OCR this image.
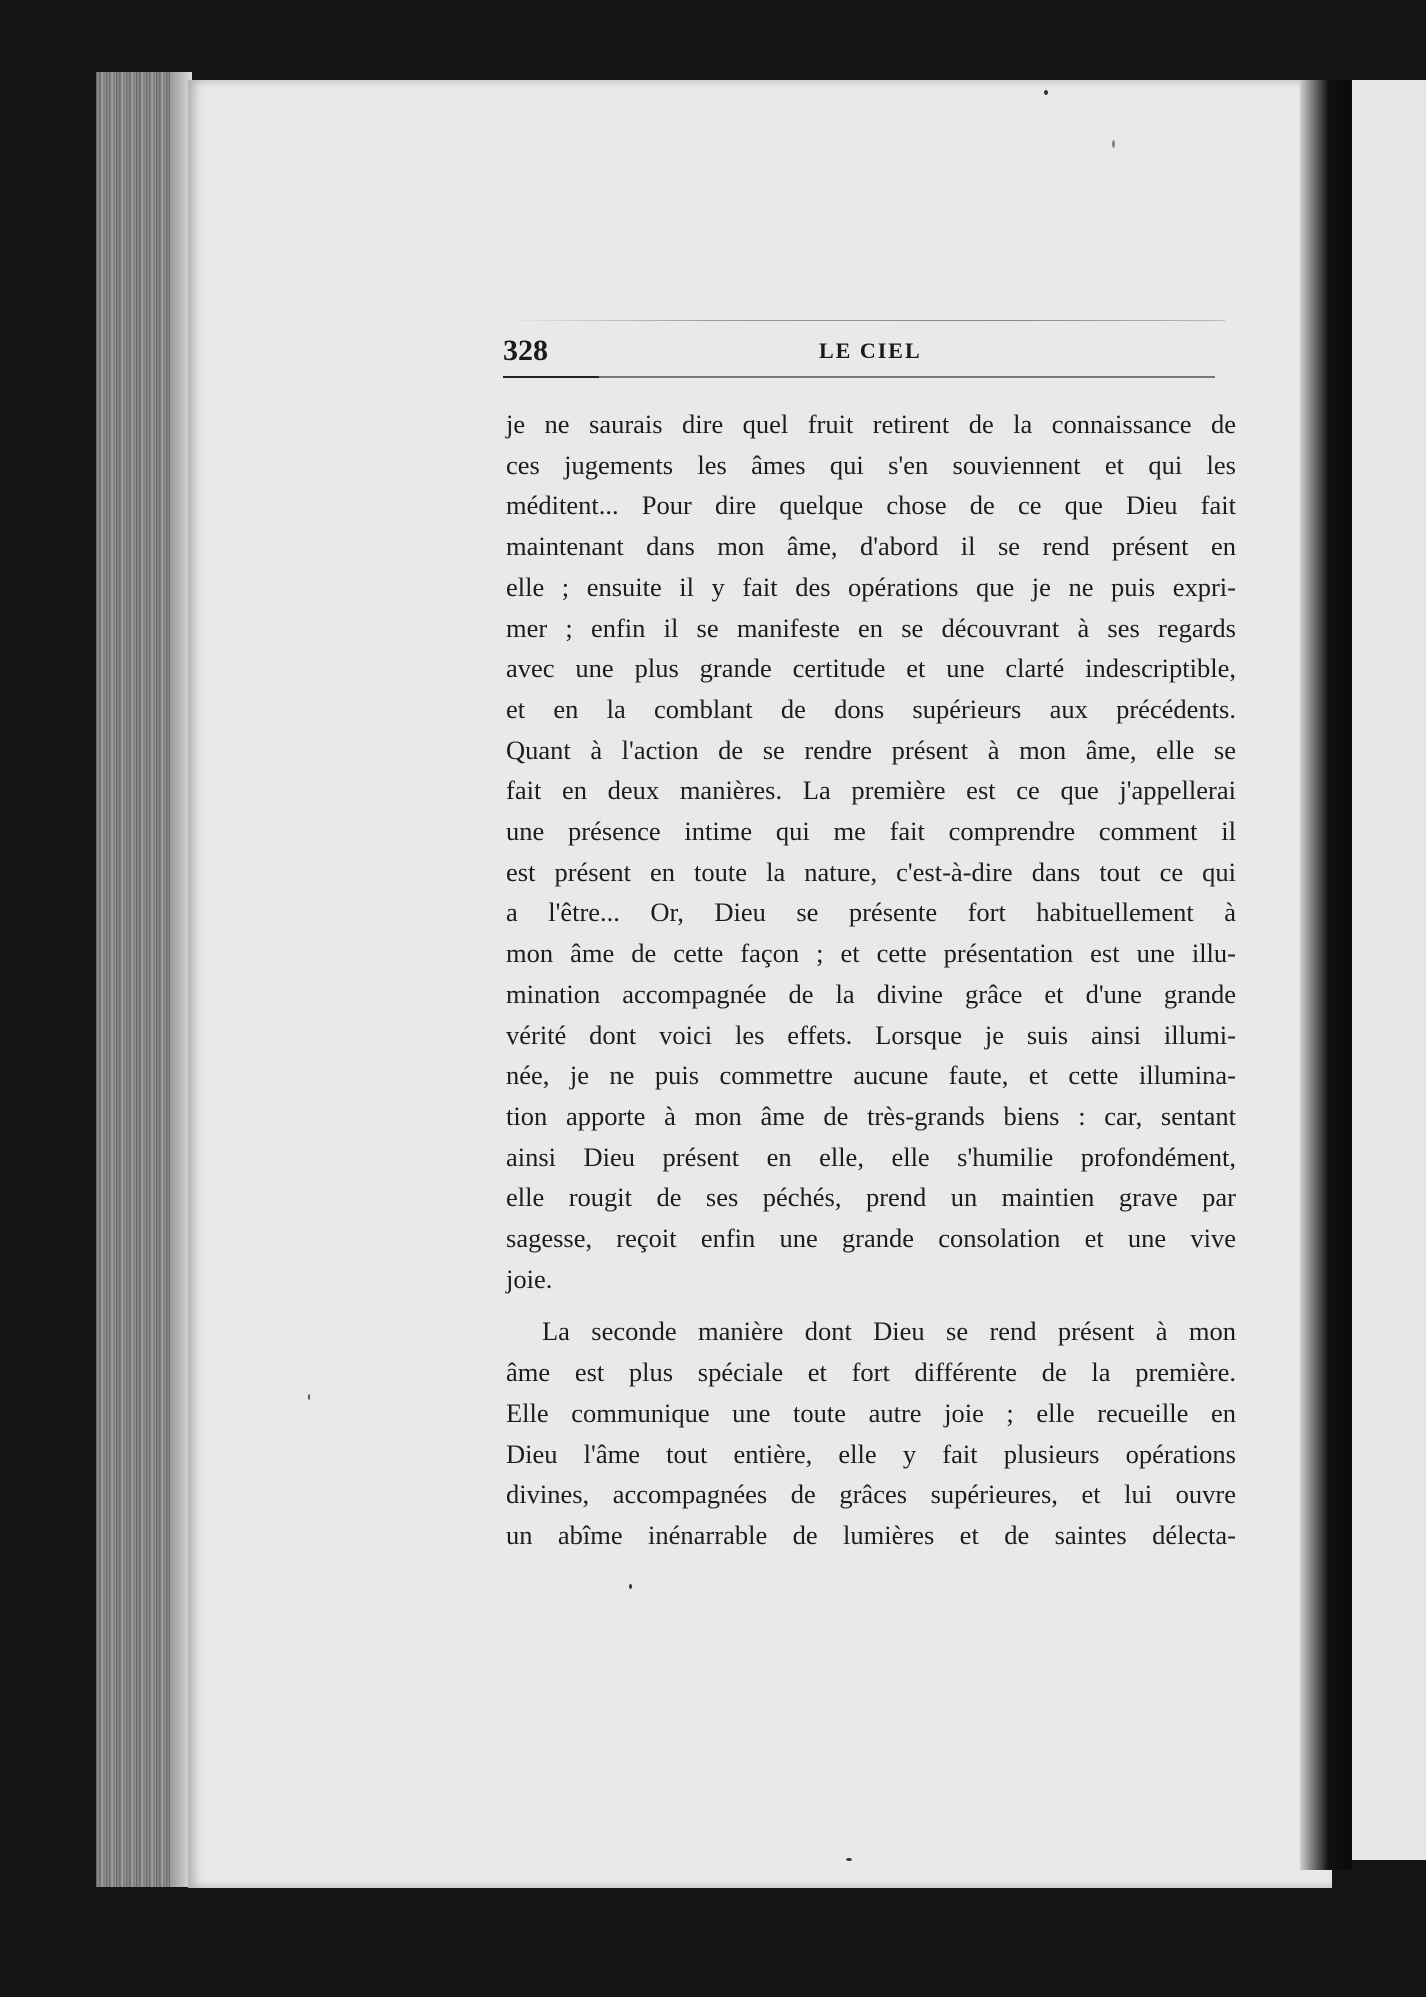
328	LE CIEL
je ne saurais dire quel fruit retirent de la connaissance de
ces jugements les âmes qui s'en souviennent et qui les
méditent... Pour dire quelque chose de ce que Dieu fait
maintenant dans mon âme, d'abord il se rend présent en
elle ; ensuite il y fait des opérations que je ne puis expri-
mer ; enfin il se manifeste en se découvrant à ses regards
avec une plus grande certitude et une clarté indescriptible,
et en la comblant de dons supérieurs aux précédents.
Quant à l'action de se rendre présent à mon âme, elle se
fait en deux manières. La première est ce que j'appellerai
une présence intime qui me fait comprendre comment il
est présent en toute la nature, c'est-à-dire dans tout ce qui
a l'être... Or, Dieu se présente fort habituellement à
mon âme de cette façon ; et cette présentation est une illu-
mination accompagnée de la divine grâce et d'une grande
vérité dont voici les effets. Lorsque je suis ainsi illumi-
née, je ne puis commettre aucune faute, et cette illumina-
tion apporte à mon âme de très-grands biens : car, sentant
ainsi Dieu présent en elle, elle s'humilie profondément,
elle rougit de ses péchés, prend un maintien grave par
sagesse, reçoit enfin une grande consolation et une vive
joie.
La seconde manière dont Dieu se rend présent à mon
âme est plus spéciale et fort différente de la première.
Elle communique une toute autre joie ; elle recueille en
Dieu l'âme tout entière, elle y fait plusieurs opérations
divines, accompagnées de grâces supérieures, et lui ouvre
un abîme inénarrable de lumières et de saintes délecta-
